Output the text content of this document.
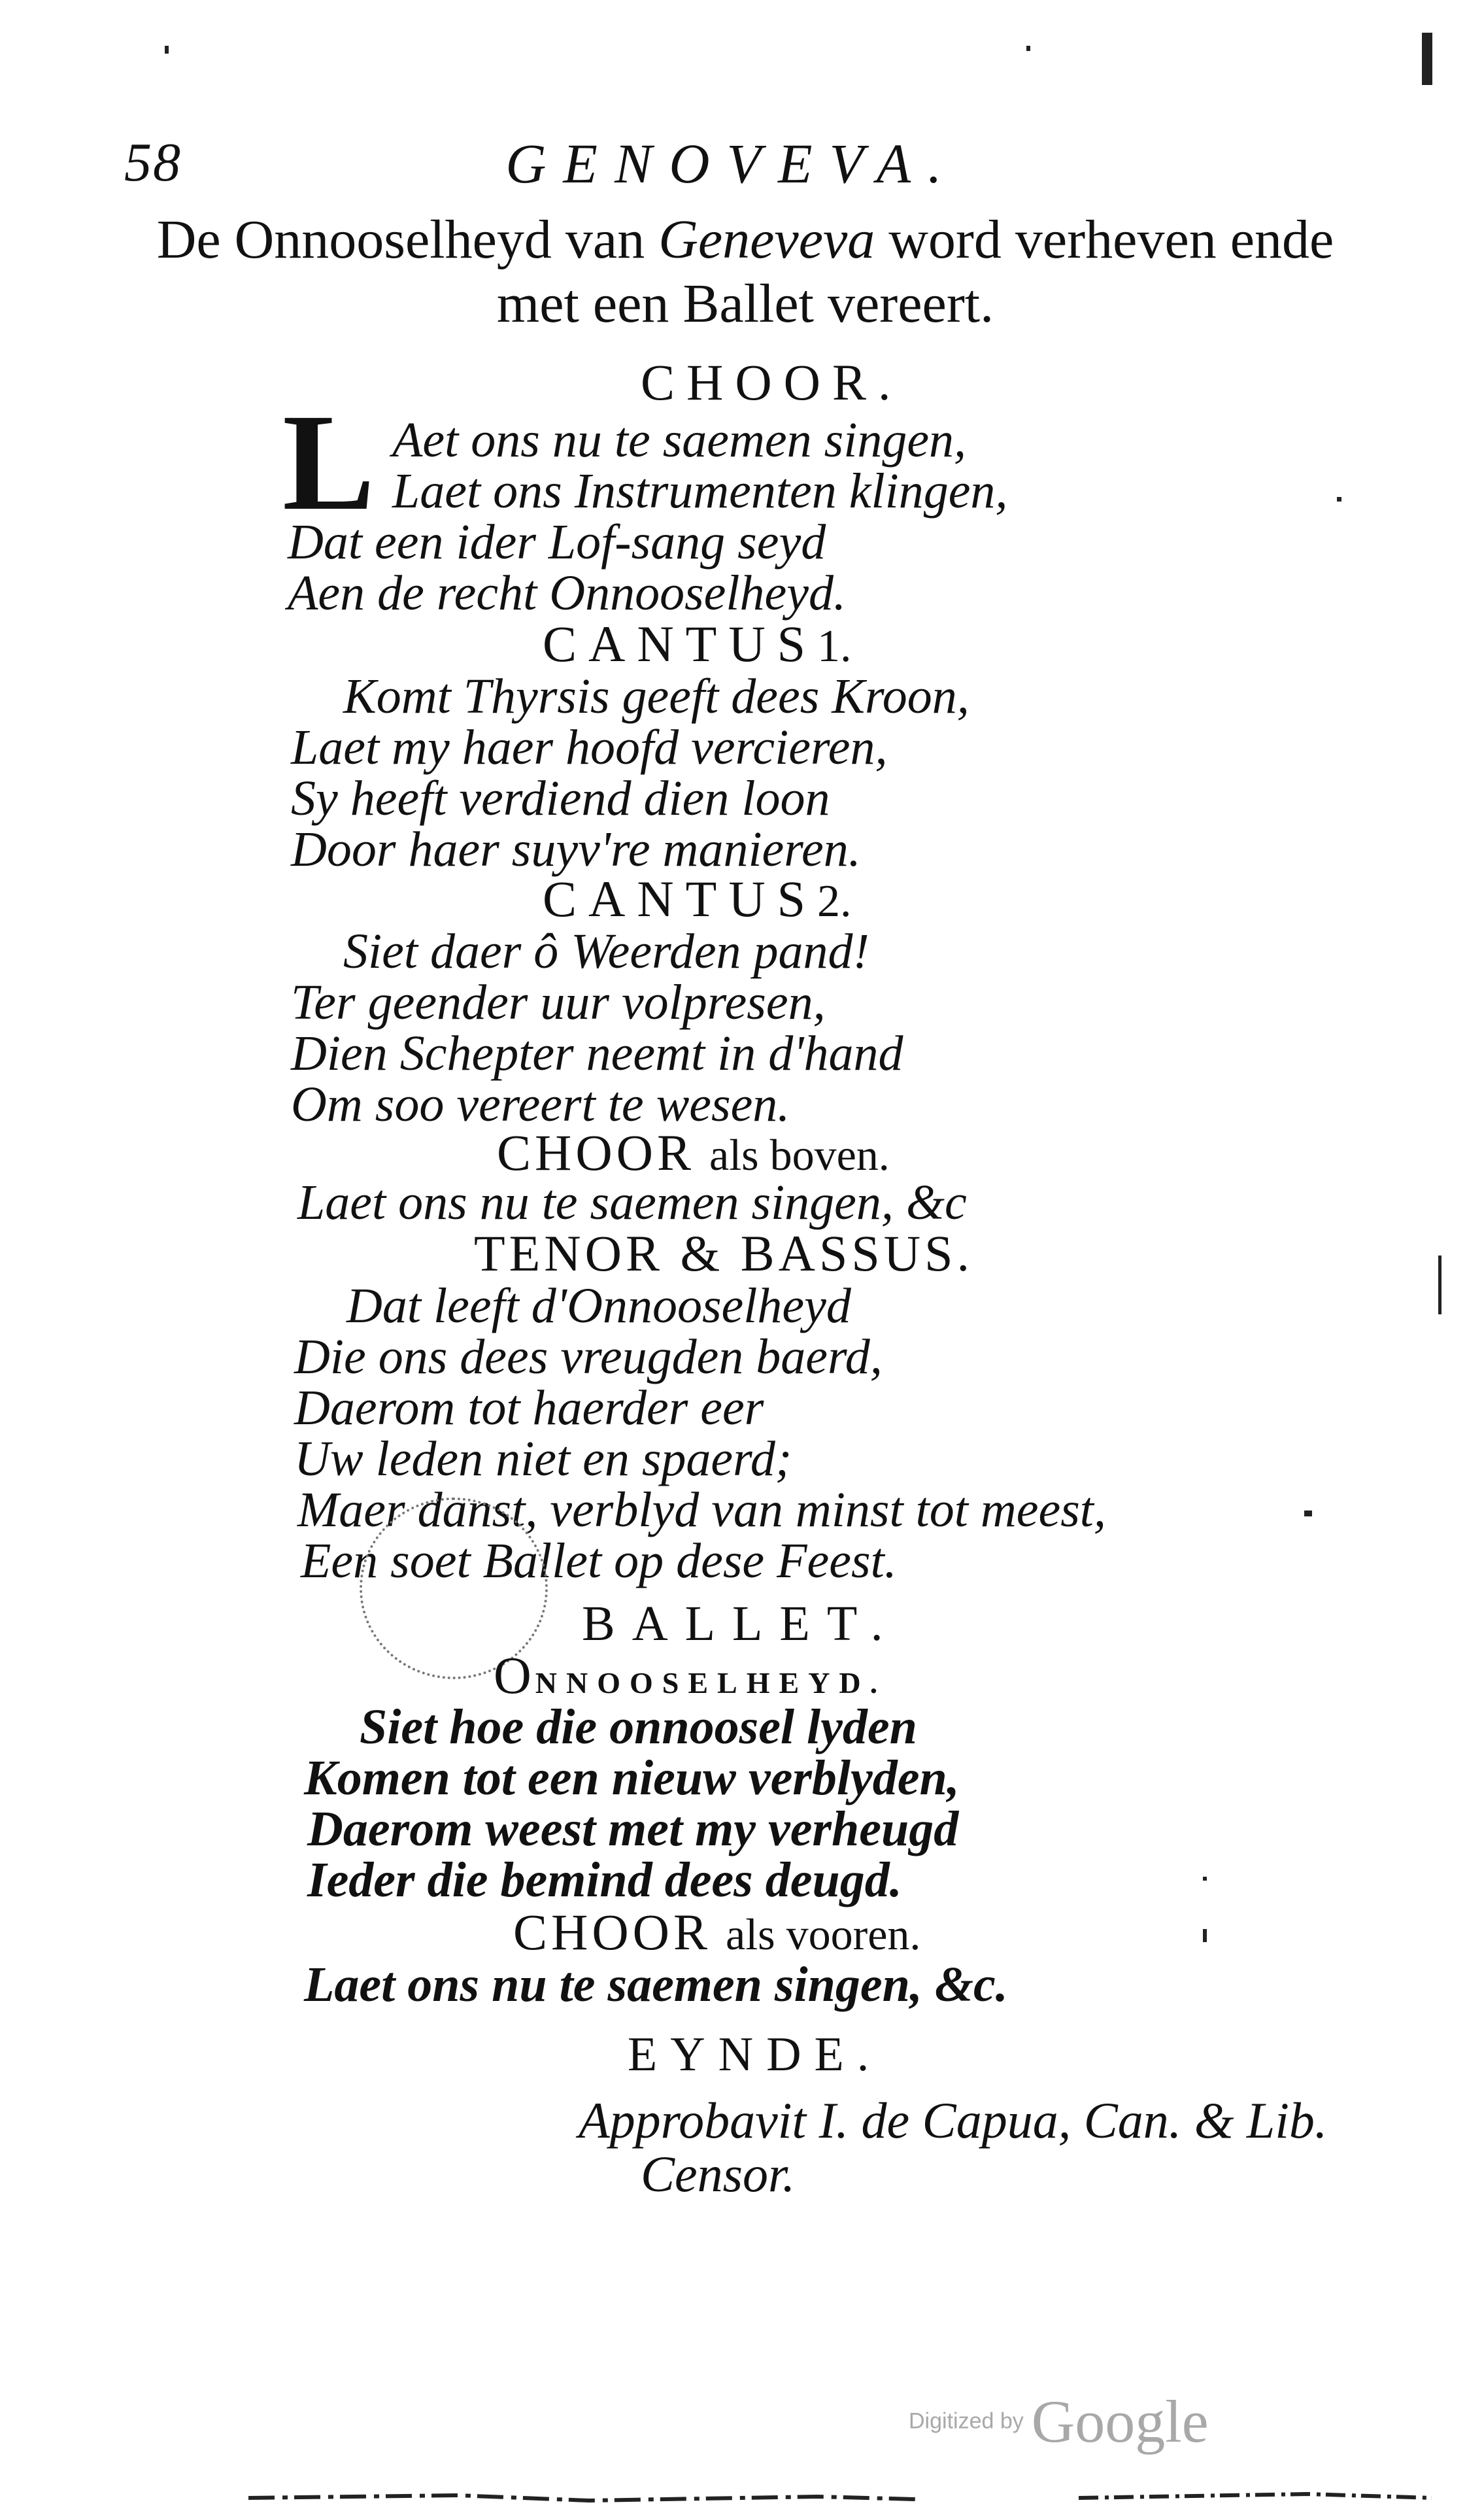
58	GENOVEVA.
De Onnooselheyd van Geneveva word verheven ende
met een Ballet vereert.
CHOOR.
L Aet ons nu te saemen singen,
Laet ons Instrumenten klingen,
Dat een ider Lof-sang seyd
Aen de recht Onnooselheyd.
CANTUS1.
Komt Thyrsis geeft dees Kroon,
Laet my haer hoofd vercieren,
Sy heeft verdiend dien loon
Door haer suyv're manieren.
CANTUS2.
Siet daer ô Weerden pand!
Ter geender uur volpresen,
Dien Schepter neemt in d'hand
Om soo vereert te wesen.
CHOOR als boven.
Laet ons nu te saemen singen, &c
TENOR & BASSUS.
Dat leeft d'Onnooselheyd
Die ons dees vreugden baerd,
Daerom tot haerder eer
Uw leden niet en spaerd;
Maer danst, verblyd van minst tot meest,
Een soet Ballet op dese Feest.
BALLET.
ONNOOSELHEYD.
Siet hoe die onnoosel lyden
Komen tot een nieuw verblyden,
Daerom weest met my verheugd
Ieder die bemind dees deugd.
CHOOR als vooren.
Laet ons nu te saemen singen, &c.
EYNDE.
Approbavit I. de Capua, Can. & Lib.
Censor.
Digitized by Google
